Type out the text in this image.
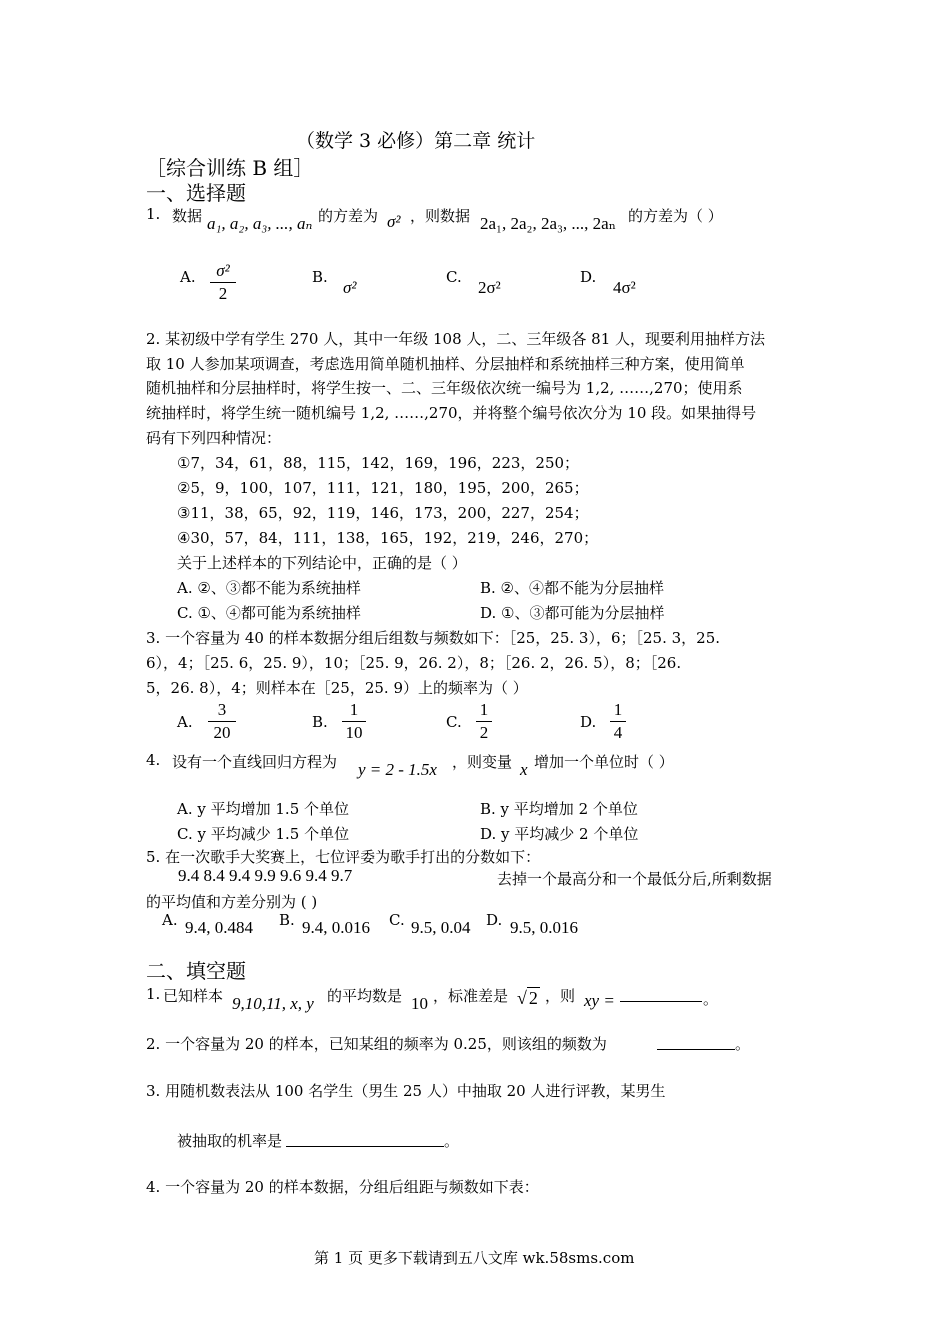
（数学 3 必修）第二章 统计
［综合训练 B 组］
一、选择题
1. 数据 a₁, a₂, a₃, ..., aₙ 的方差为 σ² ，则数据 2a₁, 2a₂, 2a₃, ..., 2aₙ 的方差为（ ）
A.	σ²
2
B.
σ²
C.
2σ²
D.
4σ²
2. 某初级中学有学生 270 人，其中一年级 108 人，二、三年级各 81 人，现要利用抽样方法
取 10 人参加某项调查，考虑选用简单随机抽样、分层抽样和系统抽样三种方案，使用简单
随机抽样和分层抽样时，将学生按一、二、三年级依次统一编号为 1,2, ……,270；使用系
统抽样时，将学生统一随机编号 1,2, ……,270，并将整个编号依次分为 10 段。如果抽得号
码有下列四种情况：
①7，34，61，88，115，142，169，196，223，250；
②5，9，100，107，111，121，180，195，200，265；
③11，38，65，92，119，146，173，200，227，254；
④30，57，84，111，138，165，192，219，246，270；
关于上述样本的下列结论中，正确的是（ ）
A. ②、③都不能为系统抽样	B. ②、④都不能为分层抽样
C. ①、④都可能为系统抽样	D. ①、③都可能为分层抽样
3. 一个容量为 40 的样本数据分组后组数与频数如下：［25，25. 3），6；［25. 3，25.
6），4；［25. 6，25. 9），10；［25. 9，26. 2），8；［26. 2，26. 5），8；［26.
5，26. 8），4；则样本在［25，25. 9）上的频率为（ ）
A.
3
20
B.
1
10
C.
1
2
D.
1
4
4. 设有一个直线回归方程为 y = 2 - 1.5x ，则变量 x 增加一个单位时（ ）
A. y 平均增加 1.5 个单位	B. y 平均增加 2 个单位
C. y 平均减少 1.5 个单位	D. y 平均减少 2 个单位
5. 在一次歌手大奖赛上，七位评委为歌手打出的分数如下：
9.4 8.4 9.4 9.9 9.6 9.4 9.7	去掉一个最高分和一个最低分后,所剩数据
的平均值和方差分别为 ( )
A. 9.4, 0.484 B. 9.4, 0.016 C. 9.5, 0.04 D. 9.5, 0.016
二、填空题
1. 已知样本 9,10,11, x, y 的平均数是 10 ，标准差是 √ 2 ，则 xy =	。
2. 一个容量为 20 的样本，已知某组的频率为 0.25，则该组的频数为	。
3. 用随机数表法从 100 名学生（男生 25 人）中抽取 20 人进行评教，某男生
被抽取的机率是	。
4. 一个容量为 20 的样本数据，分组后组距与频数如下表：
第 1 页 更多下载请到五八文库 wk.58sms.com
